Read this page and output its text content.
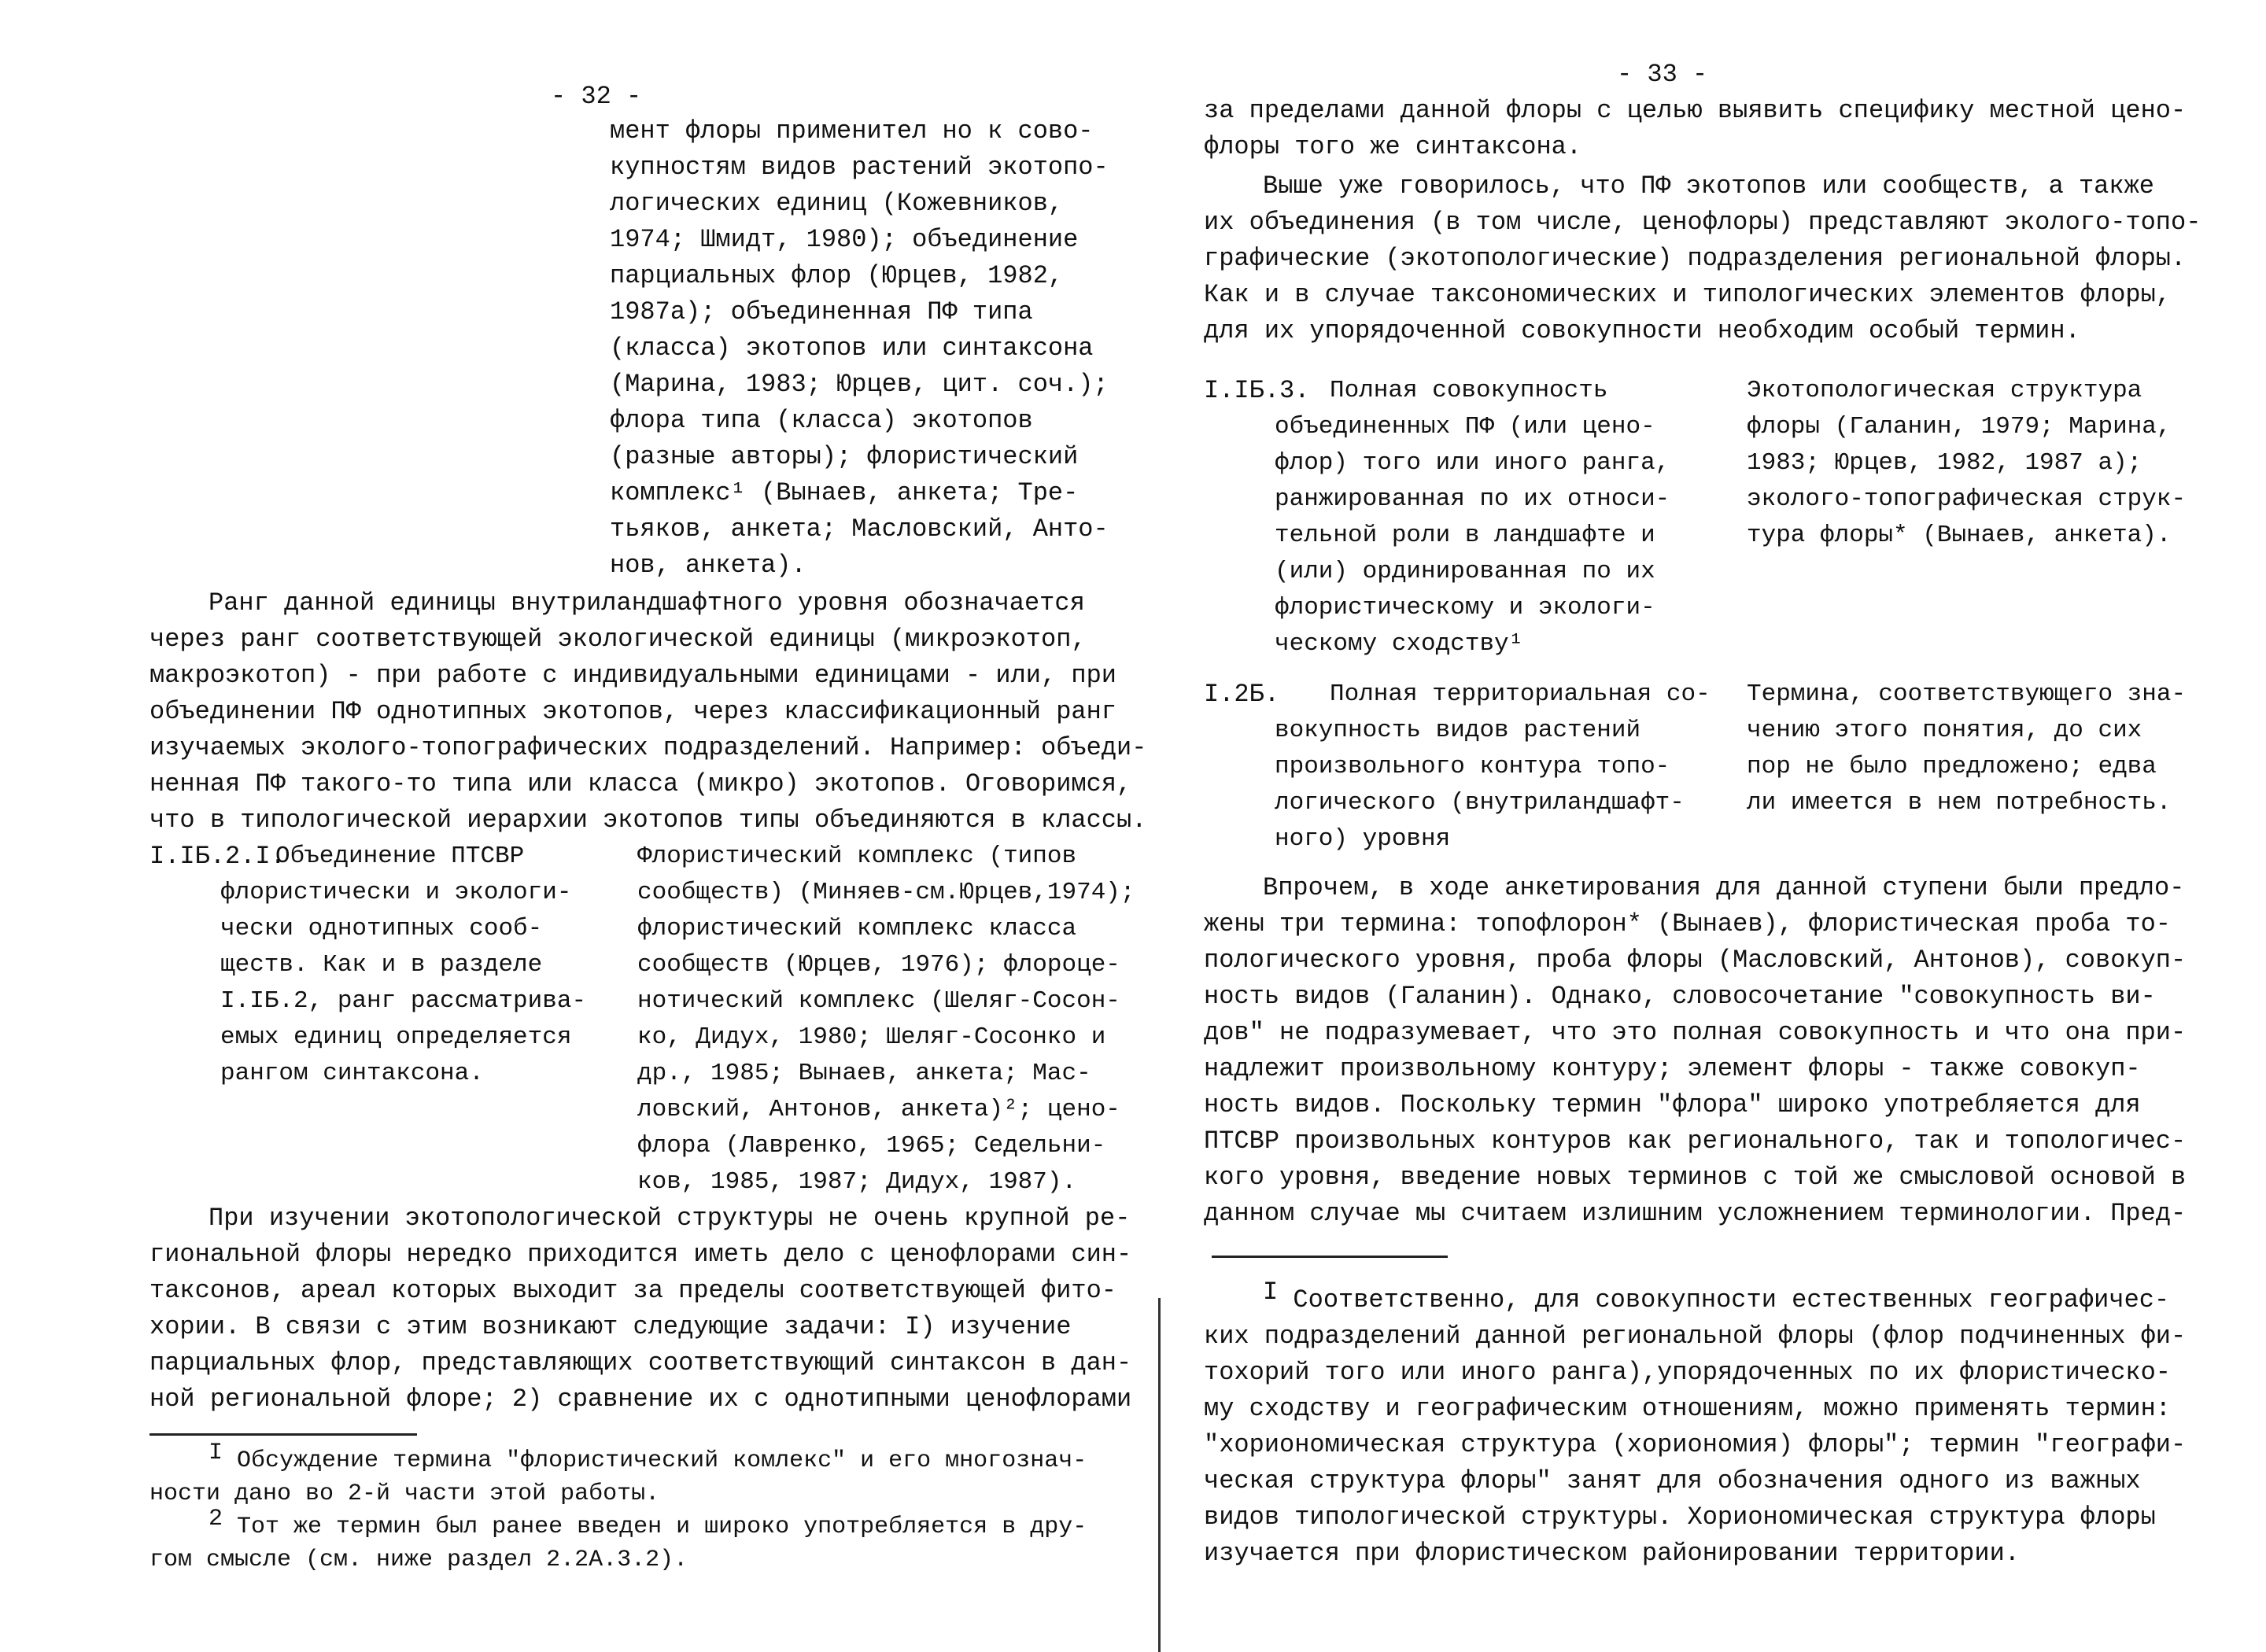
- 32 -
мент флоры применител но к сово-
купностям видов растений экотопо-
логических единиц (Кожевников,
1974; Шмидт, 1980); объединение
парциальных флор (Юрцев, 1982,
1987а); объединенная ПФ типа
(класса) экотопов или синтаксона
(Марина, 1983; Юрцев, цит. соч.);
флора типа (класса) экотопов
(разные авторы); флористический
комплекс¹ (Вынаев, анкета; Тре-
тьяков, анкета; Масловский, Анто-
нов, анкета).
Ранг данной единицы внутриландшафтного уровня обозначается
через ранг соответствующей экологической единицы (микроэкотоп,
макроэкотоп) - при работе с индивидуальными единицами - или, при
объединении ПФ однотипных экотопов, через классификационный ранг
изучаемых эколого-топографических подразделений. Например: объеди-
ненная ПФ такого-то типа или класса (микро) экотопов. Оговоримся,
что в типологической иерархии экотопов типы объединяются в классы.
I.IБ.2.I.
Объединение ПТСВР
флористически и экологи-
чески однотипных сооб-
ществ. Как и в разделе
I.IБ.2, ранг рассматрива-
емых единиц определяется
рангом синтаксона.
Флористический комплекс (типов
сообществ) (Миняев-см.Юрцев,1974);
флористический комплекс класса
сообществ (Юрцев, 1976); флороце-
нотический комплекс (Шеляг-Сосон-
ко, Дидух, 1980; Шеляг-Сосонко и
др., 1985; Вынаев, анкета; Мас-
ловский, Антонов, анкета)²; цено-
флора (Лавренко, 1965; Седельни-
ков, 1985, 1987; Дидух, 1987).
При изучении экотопологической структуры не очень крупной ре-
гиональной флоры нередко приходится иметь дело с ценофлорами син-
таксонов, ареал которых выходит за пределы соответствующей фито-
хории. В связи с этим возникают следующие задачи: I) изучение
парциальных флор, представляющих соответствующий синтаксон в дан-
ной региональной флоре; 2) сравнение их с однотипными ценофлорами
I Обсуждение термина "флористический комлекс" и его многознач-
ности дано во 2-й части этой работы.
2 Тот же термин был ранее введен и широко употребляется в дру-
гом смысле (см. ниже раздел 2.2А.3.2).
- 33 -
за пределами данной флоры с целью выявить специфику местной цено-
флоры того же синтаксона.
Выше уже говорилось, что ПФ экотопов или сообществ, а также
их объединения (в том числе, ценофлоры) представляют эколого-топо-
графические (экотопологические) подразделения региональной флоры.
Как и в случае таксономических и типологических элементов флоры,
для их упорядоченной совокупности необходим особый термин.
I.IБ.3. Полная совокупность
объединенных ПФ (или цено-
флор) того или иного ранга,
ранжированная по их относи-
тельной роли в ландшафте и
(или) ординированная по их
флористическому и экологи-
ческому сходству¹
Экотопологическая структура
флоры (Галанин, 1979; Марина,
1983; Юрцев, 1982, 1987 а);
эколого-топографическая струк-
тура флоры* (Вынаев, анкета).
I.2Б.	Полная территориальная со-
вокупность видов растений
произвольного контура топо-
логического (внутриландшафт-
ного) уровня
Термина, соответствующего зна-
чению этого понятия, до сих
пор не было предложено; едва
ли имеется в нем потребность.
Впрочем, в ходе анкетирования для данной ступени были предло-
жены три термина: топофлорон* (Вынаев), флористическая проба то-
пологического уровня, проба флоры (Масловский, Антонов), совокуп-
ность видов (Галанин). Однако, словосочетание "совокупность ви-
дов" не подразумевает, что это полная совокупность и что она при-
надлежит произвольному контуру; элемент флоры - также совокуп-
ность видов. Поскольку термин "флора" широко употребляется для
ПТСВР произвольных контуров как регионального, так и топологичес-
кого уровня, введение новых терминов с той же смысловой основой в
данном случае мы считаем излишним усложнением терминологии. Пред-
I Соответственно, для совокупности естественных географичес-
ких подразделений данной региональной флоры (флор подчиненных фи-
тохорий того или иного ранга),упорядоченных по их флористическо-
му сходству и географическим отношениям, можно применять термин:
"хориономическая структура (хориономия) флоры"; термин "географи-
ческая структура флоры" занят для обозначения одного из важных
видов типологической структуры. Хориономическая структура флоры
изучается при флористическом районировании территории.
